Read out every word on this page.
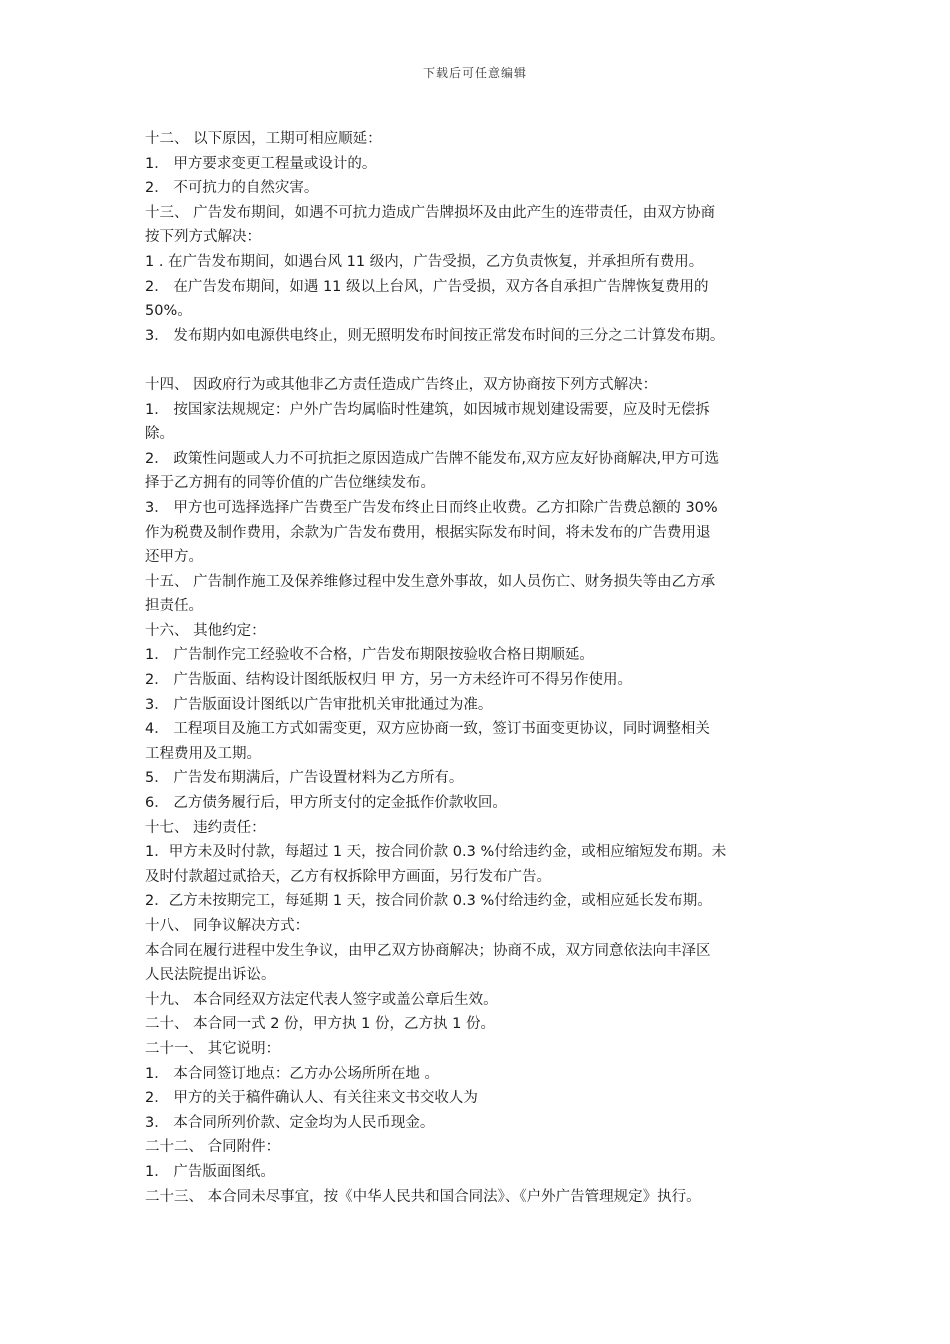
下载后可任意编辑

十二、 以下原因，工期可相应顺延：

1． 甲方要求变更工程量或设计的。

2． 不可抗力的自然灾害。

十三、 广告发布期间，如遇不可抗力造成广告牌损坏及由此产生的连带责任，由双方协商

按下列方式解决：

1 . 在广告发布期间，如遇台风 11 级内，广告受损，乙方负责恢复，并承担所有费用。

2． 在广告发布期间，如遇 11 级以上台风，广告受损，双方各自承担广告牌恢复费用的

50%。

3． 发布期内如电源供电终止，则无照明发布时间按正常发布时间的三分之二计算发布期。

十四、 因政府行为或其他非乙方责任造成广告终止，双方协商按下列方式解决：

1． 按国家法规规定：户外广告均属临时性建筑，如因城市规划建设需要，应及时无偿拆

除。

2． 政策性问题或人力不可抗拒之原因造成广告牌不能发布,双方应友好协商解决,甲方可选

择于乙方拥有的同等价值的广告位继续发布。

3． 甲方也可选择选择广告费至广告发布终止日而终止收费。乙方扣除广告费总额的 30%

作为税费及制作费用，余款为广告发布费用，根据实际发布时间，将未发布的广告费用退

还甲方。

十五、 广告制作施工及保养维修过程中发生意外事故，如人员伤亡、财务损失等由乙方承

担责任。

十六、 其他约定：

1． 广告制作完工经验收不合格，广告发布期限按验收合格日期顺延。

2． 广告版面、结构设计图纸版权归 甲 方，另一方未经许可不得另作使用。

3． 广告版面设计图纸以广告审批机关审批通过为准。

4． 工程项目及施工方式如需变更，双方应协商一致，签订书面变更协议，同时调整相关

工程费用及工期。

5． 广告发布期满后，广告设置材料为乙方所有。

6． 乙方债务履行后，甲方所支付的定金抵作价款收回。

十七、 违约责任：

1．甲方未及时付款，每超过 1 天，按合同价款 0.3 %付给违约金，或相应缩短发布期。未

及时付款超过贰拾天，乙方有权拆除甲方画面，另行发布广告。

2．乙方未按期完工，每延期 1 天，按合同价款 0.3 %付给违约金，或相应延长发布期。

十八、 同争议解决方式：

本合同在履行进程中发生争议，由甲乙双方协商解决；协商不成，双方同意依法向丰泽区

人民法院提出诉讼。

十九、 本合同经双方法定代表人签字或盖公章后生效。

二十、 本合同一式 2 份，甲方执 1 份，乙方执 1 份。

二十一、 其它说明：

1． 本合同签订地点：乙方办公场所所在地 。

2． 甲方的关于稿件确认人、有关往来文书交收人为

3． 本合同所列价款、定金均为人民币现金。

二十二、 合同附件：

1． 广告版面图纸。

二十三、 本合同未尽事宜，按《中华人民共和国合同法》、《户外广告管理规定》执行。
